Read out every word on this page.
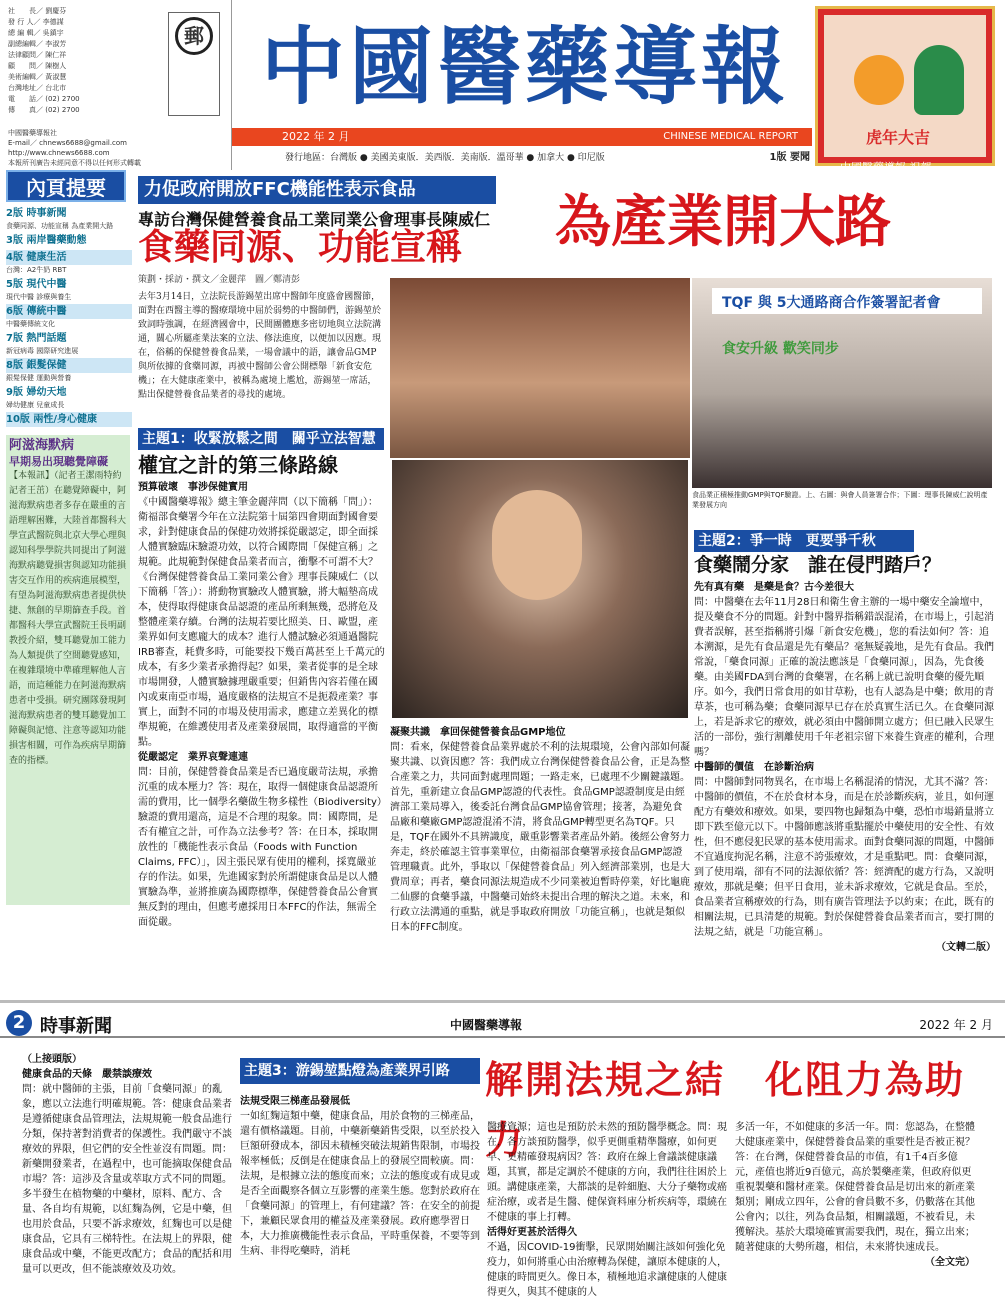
社　　長／ 劉慶芬
發 行 人／ 李德謀
總 編 輯／ 吳鎮宇
副總編輯／ 李淑芳
法律顧問／ 陳仁祥
顧　　問／ 陳樹人
美術編輯／ 黃淑慧
台灣地址／ 台北市
電　　話／ (02) 2700
傳　　真／ (02) 2700
郵
中國醫藥導報社
E-mail／ chnews6688@gmail.com
http://www.chnews6688.com
本報所刊廣告未經同意不得以任何形式轉載
中國醫藥導報
2022 年 2 月	CHINESE MEDICAL REPORT
發行地區：台灣版 ● 美國美東版．美西版．美南版．溫哥華 ● 加拿大 ● 印尼版	1版 要聞
虎年大吉
中國醫藥導報 祝賀
內頁提要
2版 時事新聞
食藥同源、功能宣稱 為產業開大路
3版 兩岸醫藥動態
4版 健康生活
台灣：A2牛奶 RBT
5版 現代中醫
現代中醫 診療與養生
6版 傳統中醫
中醫藥傳統文化
7版 熱門話題
新冠病毒 國際研究進展
8版 銀髮保健
銀髮保健 運動與營養
9版 婦幼天地
婦幼健康 兒童成長
10版 兩性/身心健康
阿滋海默病
早期易出現聽覺障礙
【本報訊】（記者王潔雨特約記者王茁）在聽覺障礙中，阿滋海默病患者多存在嚴重的言語理解困難，大陸首都醫科大學宣武醫院與北京大學心理與認知科學學院共同提出了阿滋海默病聽覺損害與認知功能損害交互作用的疾病進展模型，有望為阿滋海默病患者提供快捷、無創的早期篩查手段。首都醫科大學宣武醫院王長明副教授介紹，雙耳聽覺加工能力為人類提供了空間聽覺感知，在複雜環境中準確理解他人言語，而這種能力在阿滋海默病患者中受損。研究團隊發現阿滋海默病患者的雙耳聽覺加工障礙與記憶、注意等認知功能損害相關，可作為疾病早期篩查的指標。
力促政府開放FFC機能性表示食品
專訪台灣保健營養食品工業同業公會理事長陳威仁
食藥同源、功能宣稱	為產業開大路
策劃・採訪・撰文／金麗萍　圖／鄭清彭
去年3月14日，立法院長游錫堃出席中醫師年度盛會國醫節，面對在西醫主導的醫療環境中屈於弱勢的中醫師們，游錫堃於致詞時強調，在經濟國會中，民間團體應多密切地與立法院溝通，關心所屬產業法案的立法、修法進度，以便加以因應。現在，俗稱的保健營養食品業，一場會議中的語，讓會品GMP與所依據的食藥同源，再被中醫師公會公開標舉「新食安危機」；在大健康產業中，被稱為處境上尷尬，游錫堃一席話，點出保健營養食品業者的尋找的處境。
TQF 與 5大通路商合作簽署記者會
食安升級 歡笑同步
食品業正積極推動GMP與TQF驗證。上、右圖：與會人員簽署合作；下圖：理事長陳威仁說明產業發展方向
主題1：收緊放鬆之間　關乎立法智慧
權宜之計的第三條路線
預算破壞　事涉保健實用
《中國醫藥導報》總主筆金麗萍問（以下簡稱「問」）：衛福部食藥署今年在立法院第十屆第四會期面對國會要求，針對健康食品的保健功效將採從嚴認定，即全面採人體實驗臨床驗證功效，以符合國際間「保健宣稱」之規範。此規範對保健食品業者而言，衝擊不可謂不大？《台灣保健營養食品工業同業公會》理事長陳威仁（以下簡稱「答」）：將動物實驗改人體實驗，將大幅墊高成本，使得取得健康食品認證的產品所剩無幾，恐將危及整體產業存續。台灣的法規若要比照美、日、歐盟，產業界如何支應龐大的成本？進行人體試驗必須通過醫院IRB審查，耗費多時，可能要投下幾百萬甚至上千萬元的成本，有多少業者承擔得起？如果，業者從事的是全球市場開發，人體實驗據理嚴重要；但銷售內容若僅在國內或東南亞市場，過度嚴格的法規宣不是扼殺產業？事實上，面對不同的市場及使用需求，應建立差異化的標準規範，在維護使用者及產業發展間，取得適當的平衡點。
從嚴認定　業界哀聲連連
問：目前，保健營養食品業是否已過度嚴苛法規，承擔沉重的成本壓力？答：現在，取得一個健康食品認證所需的費用，比一個學名藥做生物多樣性（Biodiversity）驗證的費用還高，這是不合理的現象。問：國際間，是否有權宜之計，可作為立法參考？答：在日本，採取開放性的「機能性表示食品（Foods with Function Claims, FFC）」，因主張民眾有使用的權利，採寬嚴並存的作法。如果，先進國家對於所謂健康食品是以人體實驗為準，並將推廣為國際標準，保健營養食品公會實無反對的理由，但應考慮採用日本FFC的作法，無需全面從嚴。
凝聚共識　拿回保健營養食品GMP地位
問：看來，保健營養食品業界處於不利的法規環境，公會內部如何凝聚共識、以資因應？答：我們成立台灣保健營養食品公會，正是為整合產業之力，共同面對處理問題；一路走來，已處理不少關鍵議題。首先，重新建立食品GMP認證的代表性。食品GMP認證制度是由經濟部工業局導入，後委託台灣食品GMP協會管理；接著，為避免食品廠和藥廠GMP認證混淆不清，將食品GMP轉型更名為TQF。只是，TQF在國外不具辨識度，嚴重影響業者產品外銷。後經公會努力奔走，終於確認主管事業單位，由衛福部食藥署承接食品GMP認證管理職責。此外，爭取以「保健營養食品」列入經濟部業別，也是大費周章；再者，藥食同源法規造成不少同業被迫暫時停業，好比龜鹿二仙膠的食藥爭議，中醫藥司始終未提出合理的解決之道。未來，和行政立法溝通的重點，就是爭取政府開放「功能宣稱」，也就是類似日本的FFC制度。
主題2：爭一時　更要爭千秋
食藥鬧分家　誰在侵門踏戶？
先有真有藥　是藥是食？古今差很大
問：中醫藥在去年11月28日和衛生會主辦的一場中藥安全論壇中，提及藥食不分的問題。針對中醫界指稱錯誤混淆，在市場上，引起消費者誤解，甚至指稱將引爆「新食安危機」，您的看法如何？答：追本溯源，是先有食品還是先有藥品？毫無疑義地，是先有食品。我們常說，「藥食同源」正確的說法應該是「食藥同源」，因為，先食後藥。由美國FDA到台灣的食藥署，在名稱上就已說明食藥的優先順序。如今，我們日常食用的如甘草粉，也有人認為是中藥；飲用的青草茶，也可稱為藥；食藥同源早已存在於真實生活已久。在食藥同源上，若是訴求它的療效，就必須由中醫師開立處方；但已融入民眾生活的一部份，強行割離使用千年老祖宗留下來養生資產的權利，合理嗎？
中醫師的價值　在診斷治病
問：中醫師對同物異名，在市場上名稱混淆的情況，尤其不滿？答：中醫師的價值，不在於食材本身，而是在於診斷疾病，並且，如何運配方有藥效和療效。如果，要四物也歸類為中藥，恐怕市場銷量將立即下跌至億元以下。中醫師應該將重點擺於中藥使用的安全性、有效性，但不應侵犯民眾的基本使用需求。面對食藥同源的問題，中醫師不宜過度拘泥名稱，注意不誇張療效，才是重點吧。問：食藥同源，到了使用端，卻有不同的法源依循？答：經濟配的處方行為，又說明療效，那就是藥；但平日食用，並未訴求療效，它就是食品。至於，食品業者宣稱療效的行為，則有廣告管理法予以約束；在此，既有的相關法規，已具清楚的規範。對於保健營養食品業者而言，要打開的法規之結，就是「功能宣稱」。
（文轉二版）
2 時事新聞	中國醫藥導報	2022 年 2 月
（上接頭版）
健康食品的天條　嚴禁談療效
問：就中醫師的主張，目前「食藥同源」的亂象，應以立法進行明確規範。答：健康食品業者是遵循健康食品管理法，法規規範一般食品進行分類，保持著對消費者的保護性。我們嚴守不談療效的界限，但它們的安全性並沒有問題。問：新藥開發業者，在過程中，也可能摘取保健食品市場？答：這涉及含量或萃取方式不同的問題。多半發生在植物藥的中藥材，原料、配方、含量、各自均有規範，以紅麴為例，它是中藥，但也用於食品，只要不訴求療效，紅麴也可以是健康食品，它具有三梯特性。在法規上的界限，健康食品或中藥，不能更改配方；食品的配括和用量可以更改，但不能談療效及功效。
主題3：游錫堃點燈為產業界引路 解開法規之結　化阻力為助力
法規受限三梯產品發展低
一如紅麴這類中藥，健康食品，用於食物的三梯產品，還有價格議題。目前，中藥新藥銷售受限，以至於投入巨額研發成本，卻因未積極突破法規銷售限制，市場投報率極低；反倒是在健康食品上的發展空間較廣。問：法規，是根據立法的態度而來；立法的態度或有成見或是否全面觀察各個立互影響的產業生態。您對於政府在「食藥同源」的管理上，有何建議？答：在安全的前提下，兼顧民眾食用的權益及產業發展。政府應學習日本，大力推廣機能性表示食品，平時重保養，不要等到生病、非得吃藥時，消耗
醫療資源；這也是預防於未然的預防醫學概念。問：現在，各方談預防醫學，似乎更側重精準醫療，如何更早、更精確發現病因？答：政府在線上會議談健康議題，其實，都是定調於不健康的方向，我們往往困於上頭。講健康產業，大都談的是幹細胞、大分子藥物或癌症治療，或者是生醫、健保資料庫分析疾病等，環繞在不健康的事上打轉。
活得好更甚於活得久
不過，因COVID-19衝擊，民眾開始關注該如何強化免疫力，如何將重心由治療轉為保健，讓原本健康的人，健康的時間更久。像日本，積極地追求讓健康的人健康得更久，與其不健康的人
多活一年，不如健康的多活一年。問：您認為，在整體大健康產業中，保健營養食品業的重要性是否被正視？答：在台灣，保健營養食品的市值，有1千4百多億元，產值也將近9百億元，高於製藥產業，但政府似更重視製藥和醫材產業。保健營養食品是切出來的新產業類別；剛成立四年，公會的會員數不多，仍數落在其他公會內；以往，列為食品類，相關議題，不被看見，未獲解決。基於大環境確實需要我們，現在，獨立出來；隨著健康的大勢所趨，相信，未來將快速成長。
（全文完）
